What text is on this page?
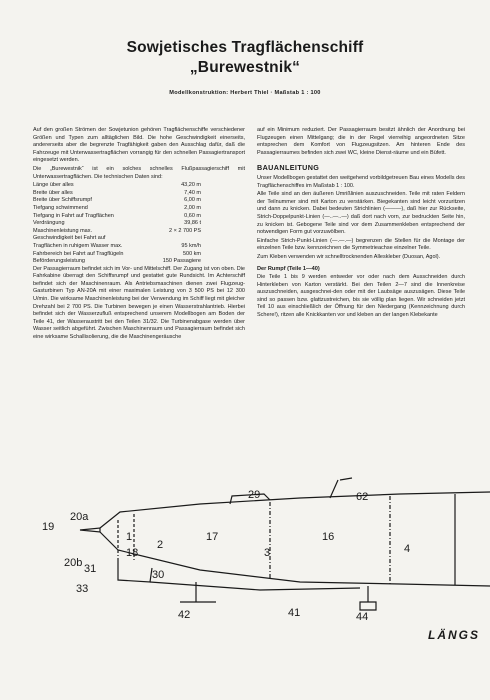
Sowjetisches Tragflächenschiff
„Burewestnik“
Modellkonstruktion: Herbert Thiel · Maßstab 1 : 100

Auf den großen Strömen der Sowjetunion gehören Tragflächenschiffe verschiedener Größen und Typen zum alltäglichen Bild. Die hohe Geschwindigkeit einerseits, andererseits aber die begrenzte Tragfähigkeit gaben den Ausschlag dafür, daß die Fahrzeuge mit Unterwassertragflächen vorrangig für den schnellen Passagiertransport eingesetzt werden.

Die „Burewestnik“ ist ein solches schnelles Flußpassagierschiff mit Unterwassertragflächen. Die technischen Daten sind:

Länge über alles	43,20 m
Breite über alles	7,40 m
Breite über Schiffsrumpf	6,00 m
Tiefgang schwimmend	2,00 m
Tiefgang in Fahrt auf Tragflächen	0,60 m
Verdrängung	39,86 t
Maschinenleistung max.	2 × 2 700 PS
Geschwindigkeit bei Fahrt auf
Tragflächen in ruhigem Wasser max.	95 km/h
Fahrbereich bei Fahrt auf Tragflügeln	500 km
Beförderungsleistung	150 Passagiere

Der Passagierraum befindet sich im Vor- und Mittelschiff. Der Zugang ist von oben. Die Fahrkabine überragt den Schiffsrumpf und gestattet gute Rundsicht. Im Achterschiff befindet sich der Maschinenraum. Als Antriebsmaschinen dienen zwei Flugzeug-Gasturbinen Typ AN-20A mit einer maximalen Leistung von 3 500 PS bei 12 300 U/min. Die wirksame Maschinenleistung bei der Verwendung im Schiff liegt mit gleicher Drehzahl bei 2 700 PS. Die Turbinen bewegen je einen Wasserstrahlantrieb. Hierbei befindet sich der Wasserzufluß entsprechend unserem Modellbogen am Boden der Teile 41, der Wasseraustritt bei den Teilen 31/32. Die Turbinenabgase werden über Wasser seitlich abgeführt. Zwischen Maschinenraum und Passagierraum befindet sich eine wirksame Schallisolierung, die die Maschinengeräusche

auf ein Minimum reduziert. Der Passagierraum besitzt ähnlich der Anordnung bei Flugzeugen einen Mittelgang; die in der Regel vierreihig angeordneten Sitze entsprechen dem Komfort von Flugzeugsitzen. Am hinteren Ende des Passagierraumes befinden sich zwei WC, kleine Dienst-räume und ein Büfett.

BAUANLEITUNG

Unser Modellbogen gestattet den weitgehend vorbildgetreuen Bau eines Modells des Tragflächenschiffes im Maßstab 1 : 100.

Alle Teile sind an den äußeren Umrißlinien auszuschneiden. Teile mit raten Feldern der Teilnummer sind mit Karton zu verstärken. Biegekanten sind leicht vorzuritzen und dann zu knicken. Dabei bedeuten Strichlinien (———), daß hier zur Rückseite, Strich-Doppelpunkt-Linien (—..—..—) daß dort nach vorn, zur bedruckten Seite hin, zu knicken ist. Gebogene Teile sind vor dem Zusammenkleben entsprechend der notwendigen Form gut vorzuwölben.

Einfache Strich-Punkt-Linien (—.—.—) begrenzen die Stellen für die Montage der einzelnen Teile bzw. kennzeichnen die Symmetrieachse einzelner Teile.

Zum Kleben verwenden wir schnelltrocknenden Alleskleber (Duosan, Agol).

Der Rumpf (Teile 1—40)

Die Teile 1 bis 9 werden entweder vor oder nach dem Ausschneiden durch Hinterkleben von Karton verstärkt. Bei den Teilen 2—7 sind die Innenkreise auszuschneiden, ausgeschnei-den oder mit der Laubsäge auszusägen. Diese Teile sind so passen bzw. glattzustreichen, bis sie völlig plan liegen. Wir schneiden jetzt Teil 10 aus einschließlich der Öffnung für den Niedergang (Kennzeichnung durch Schere!), ritzen alle Knickkanten vor und kleben an der langen Klebekante

19
20a
20b
1
2
17
18
31
33
30
29
3
16
62
4
42	41	44
LÄNGS
